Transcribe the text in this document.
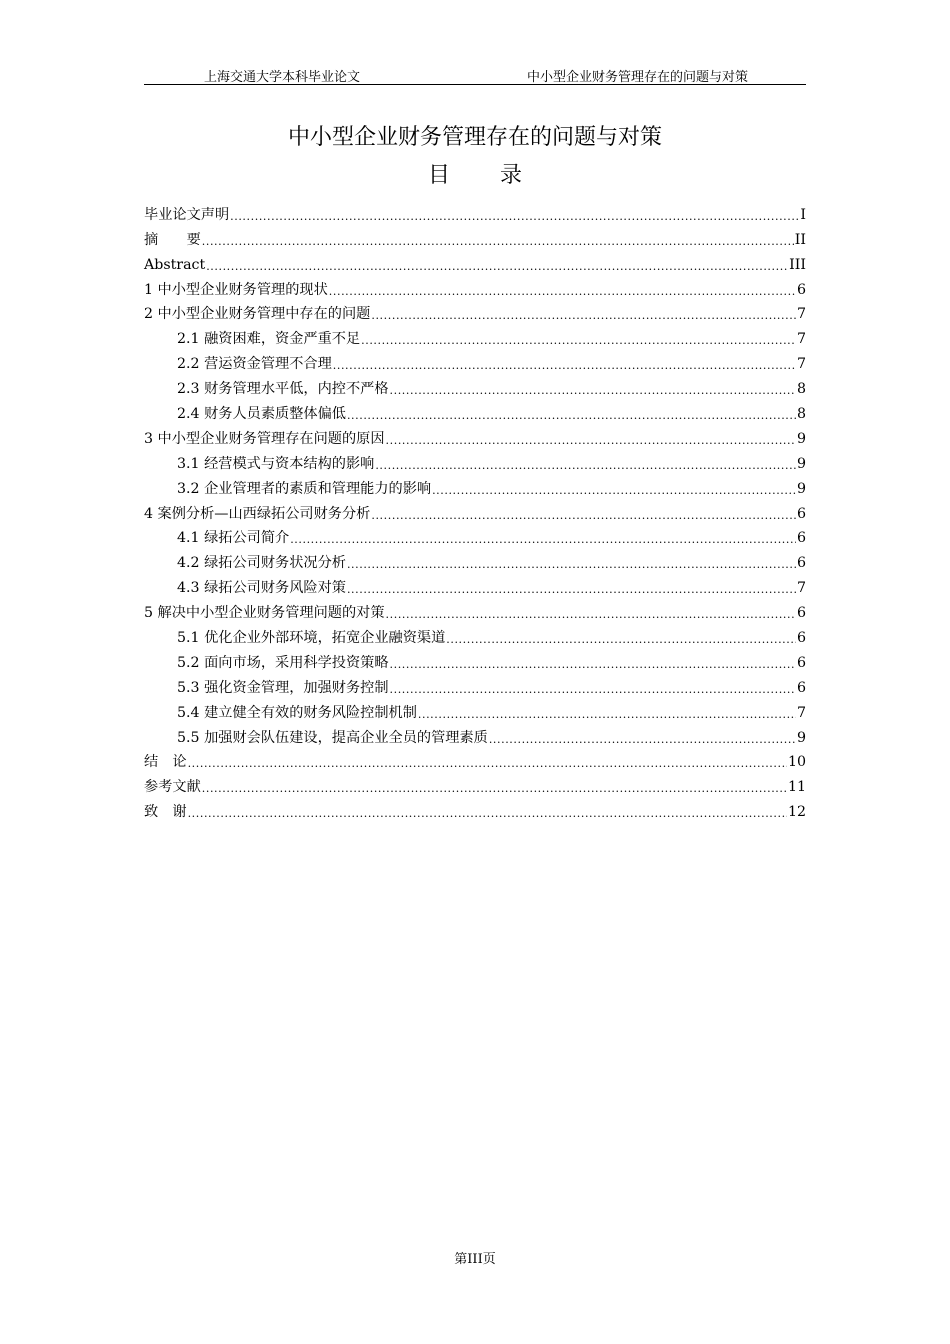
上海交通大学本科毕业论文	中小型企业财务管理存在的问题与对策
中小型企业财务管理存在的问题与对策
目 录
毕业论文声明 .....	I
摘　　要 .....	II
Abstract .....	III
1 中小型企业财务管理的现状 .....	6
2 中小型企业财务管理中存在的问题 .....	7
2.1 融资困难，资金严重不足 .....	7
2.2 营运资金管理不合理 .....	7
2.3 财务管理水平低，内控不严格 .....	8
2.4 财务人员素质整体偏低 .....	8
3 中小型企业财务管理存在问题的原因 .....	9
3.1 经营模式与资本结构的影响 .....	9
3.2 企业管理者的素质和管理能力的影响 .....	9
4 案例分析—山西绿拓公司财务分析 .....	6
4.1 绿拓公司简介 .....	6
4.2 绿拓公司财务状况分析 .....	6
4.3 绿拓公司财务风险对策 .....	7
5 解决中小型企业财务管理问题的对策 .....	6
5.1 优化企业外部环境，拓宽企业融资渠道 .....	6
5.2 面向市场，采用科学投资策略 .....	6
5.3 强化资金管理，加强财务控制 .....	6
5.4 建立健全有效的财务风险控制机制 .....	7
5.5 加强财会队伍建设，提高企业全员的管理素质 .....	9
结　论 .....	10
参考文献 .....	11
致　谢 .....	12
第III页
